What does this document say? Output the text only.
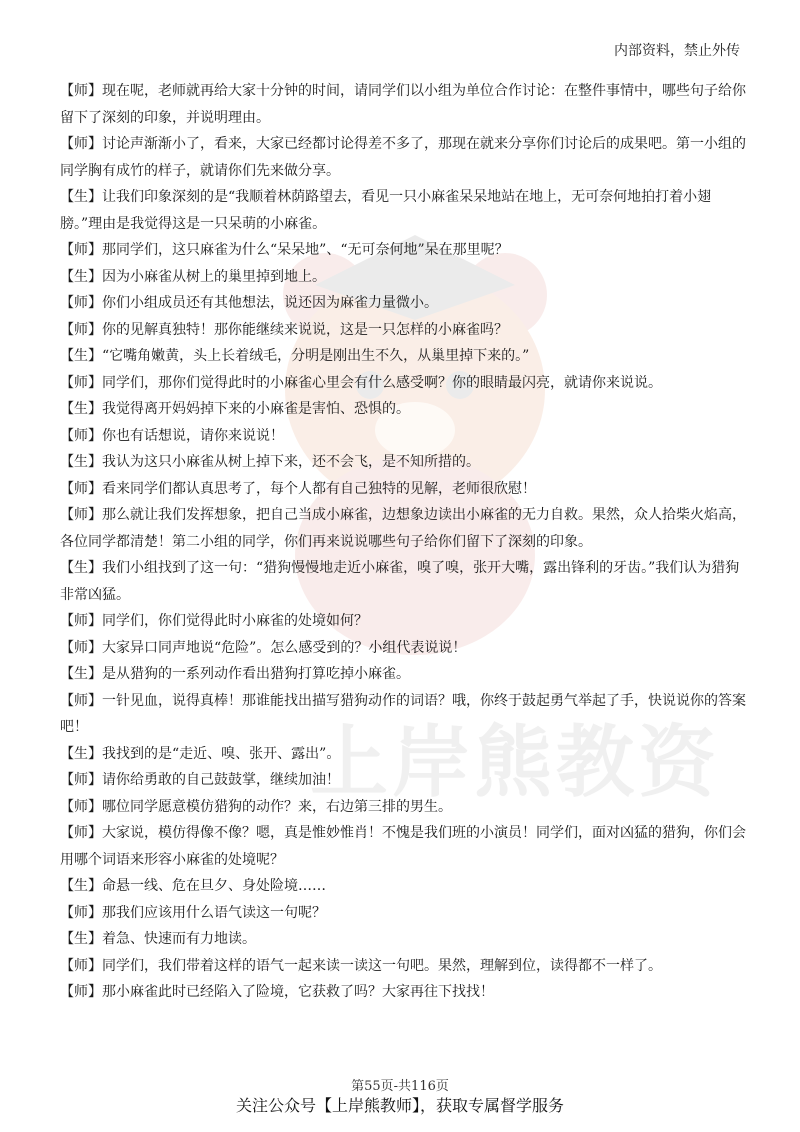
上岸熊教资
内部资料，禁止外传

【师】现在呢，老师就再给大家十分钟的时间，请同学们以小组为单位合作讨论：在整件事情中，哪些句子给你留下了深刻的印象，并说明理由。

【师】讨论声渐渐小了，看来，大家已经都讨论得差不多了，那现在就来分享你们讨论后的成果吧。第一小组的同学胸有成竹的样子，就请你们先来做分享。

【生】让我们印象深刻的是“我顺着林荫路望去，看见一只小麻雀呆呆地站在地上，无可奈何地拍打着小翅膀。”理由是我觉得这是一只呆萌的小麻雀。

【师】那同学们，这只麻雀为什么“呆呆地”、“无可奈何地”呆在那里呢？

【生】因为小麻雀从树上的巢里掉到地上。

【师】你们小组成员还有其他想法，说还因为麻雀力量微小。

【师】你的见解真独特！那你能继续来说说，这是一只怎样的小麻雀吗？

【生】“它嘴角嫩黄，头上长着绒毛，分明是刚出生不久，从巢里掉下来的。”

【师】同学们，那你们觉得此时的小麻雀心里会有什么感受啊？你的眼睛最闪亮，就请你来说说。

【生】我觉得离开妈妈掉下来的小麻雀是害怕、恐惧的。

【师】你也有话想说，请你来说说！

【生】我认为这只小麻雀从树上掉下来，还不会飞，是不知所措的。

【师】看来同学们都认真思考了，每个人都有自己独特的见解，老师很欣慰！

【师】那么就让我们发挥想象，把自己当成小麻雀，边想象边读出小麻雀的无力自救。果然，众人拾柴火焰高，各位同学都清楚！第二小组的同学，你们再来说说哪些句子给你们留下了深刻的印象。

【生】我们小组找到了这一句：“猎狗慢慢地走近小麻雀，嗅了嗅，张开大嘴，露出锋利的牙齿。”我们认为猎狗非常凶猛。

【师】同学们，你们觉得此时小麻雀的处境如何？

【师】大家异口同声地说“危险”。怎么感受到的？小组代表说说！

【生】是从猎狗的一系列动作看出猎狗打算吃掉小麻雀。

【师】一针见血，说得真棒！那谁能找出描写猎狗动作的词语？哦，你终于鼓起勇气举起了手，快说说你的答案吧！

【生】我找到的是“走近、嗅、张开、露出”。

【师】请你给勇敢的自己鼓鼓掌，继续加油！

【师】哪位同学愿意模仿猎狗的动作？来，右边第三排的男生。

【师】大家说，模仿得像不像？嗯，真是惟妙惟肖！不愧是我们班的小演员！同学们，面对凶猛的猎狗，你们会用哪个词语来形容小麻雀的处境呢？

【生】命悬一线、危在旦夕、身处险境……

【师】那我们应该用什么语气读这一句呢？

【生】着急、快速而有力地读。

【师】同学们，我们带着这样的语气一起来读一读这一句吧。果然，理解到位，读得都不一样了。

【师】那小麻雀此时已经陷入了险境，它获救了吗？大家再往下找找！

第55页-共116页
关注公众号【上岸熊教师】，获取专属督学服务
